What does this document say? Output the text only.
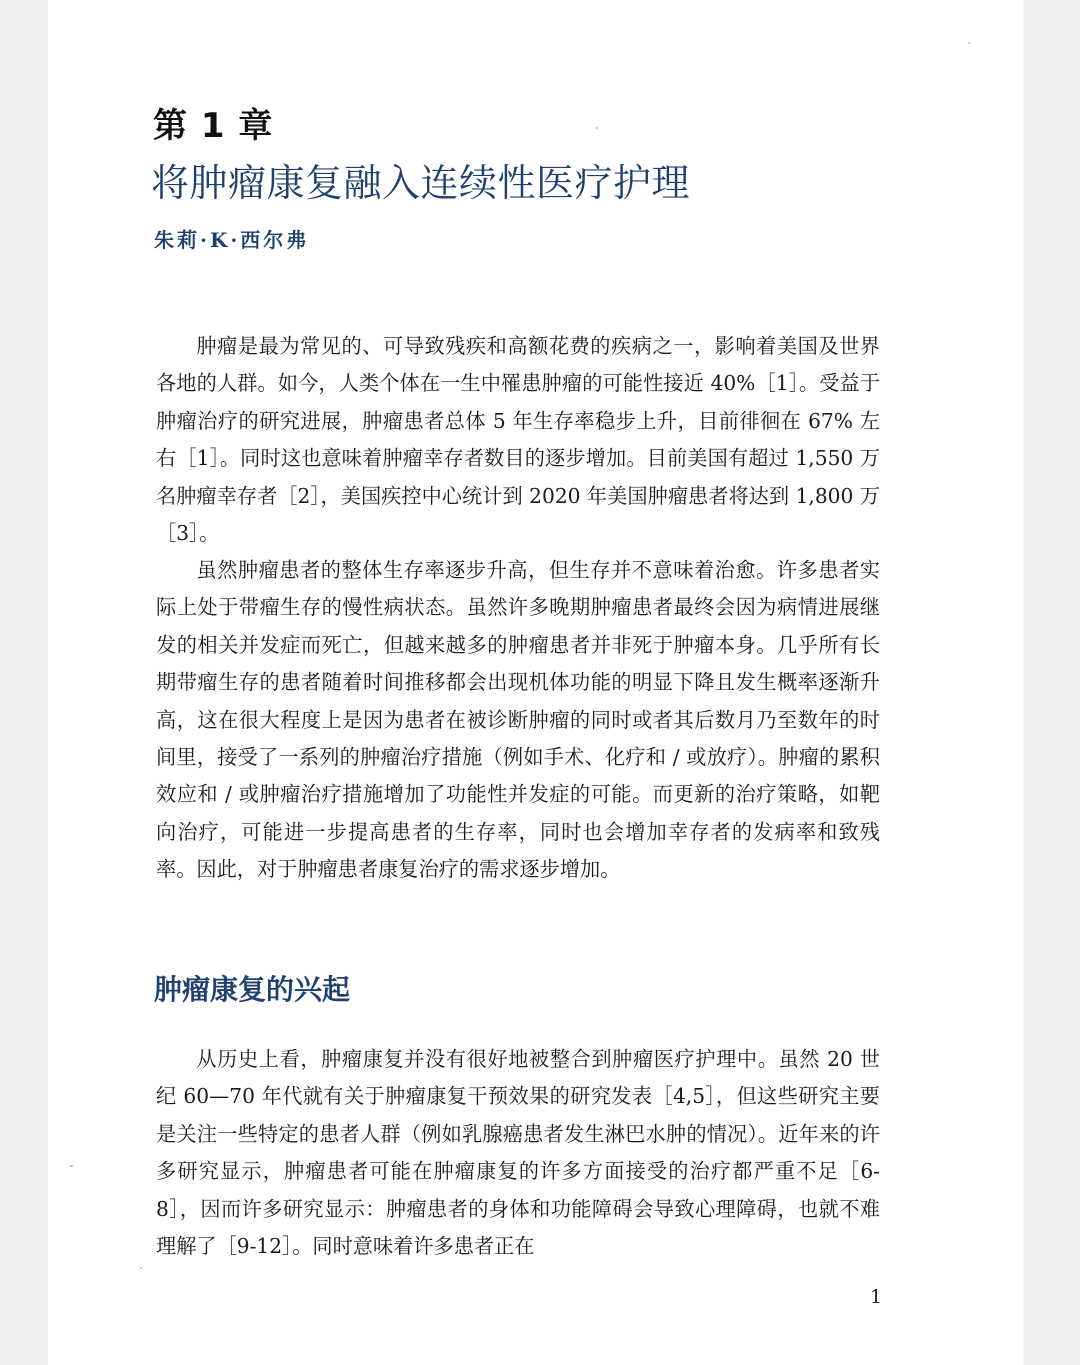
第 1 章
将肿瘤康复融入连续性医疗护理
朱莉·K·西尔弗

肿瘤是最为常见的、可导致残疾和高额花费的疾病之一，影响着美国及世界各地的人群。如今，人类个体在一生中罹患肿瘤的可能性接近 40%［1］。受益于肿瘤治疗的研究进展，肿瘤患者总体 5 年生存率稳步上升，目前徘徊在 67% 左右［1］。同时这也意味着肿瘤幸存者数目的逐步增加。目前美国有超过 1,550 万名肿瘤幸存者［2］，美国疾控中心统计到 2020 年美国肿瘤患者将达到 1,800 万［3］。

虽然肿瘤患者的整体生存率逐步升高，但生存并不意味着治愈。许多患者实际上处于带瘤生存的慢性病状态。虽然许多晚期肿瘤患者最终会因为病情进展继发的相关并发症而死亡，但越来越多的肿瘤患者并非死于肿瘤本身。几乎所有长期带瘤生存的患者随着时间推移都会出现机体功能的明显下降且发生概率逐渐升高，这在很大程度上是因为患者在被诊断肿瘤的同时或者其后数月乃至数年的时间里，接受了一系列的肿瘤治疗措施（例如手术、化疗和 / 或放疗）。肿瘤的累积效应和 / 或肿瘤治疗措施增加了功能性并发症的可能。而更新的治疗策略，如靶向治疗，可能进一步提高患者的生存率，同时也会增加幸存者的发病率和致残率。因此，对于肿瘤患者康复治疗的需求逐步增加。

肿瘤康复的兴起

从历史上看，肿瘤康复并没有很好地被整合到肿瘤医疗护理中。虽然 20 世纪 60—70 年代就有关于肿瘤康复干预效果的研究发表［4,5］，但这些研究主要是关注一些特定的患者人群（例如乳腺癌患者发生淋巴水肿的情况）。近年来的许多研究显示，肿瘤患者可能在肿瘤康复的许多方面接受的治疗都严重不足［6-8］，因而许多研究显示：肿瘤患者的身体和功能障碍会导致心理障碍，也就不难理解了［9-12］。同时意味着许多患者正在

1
